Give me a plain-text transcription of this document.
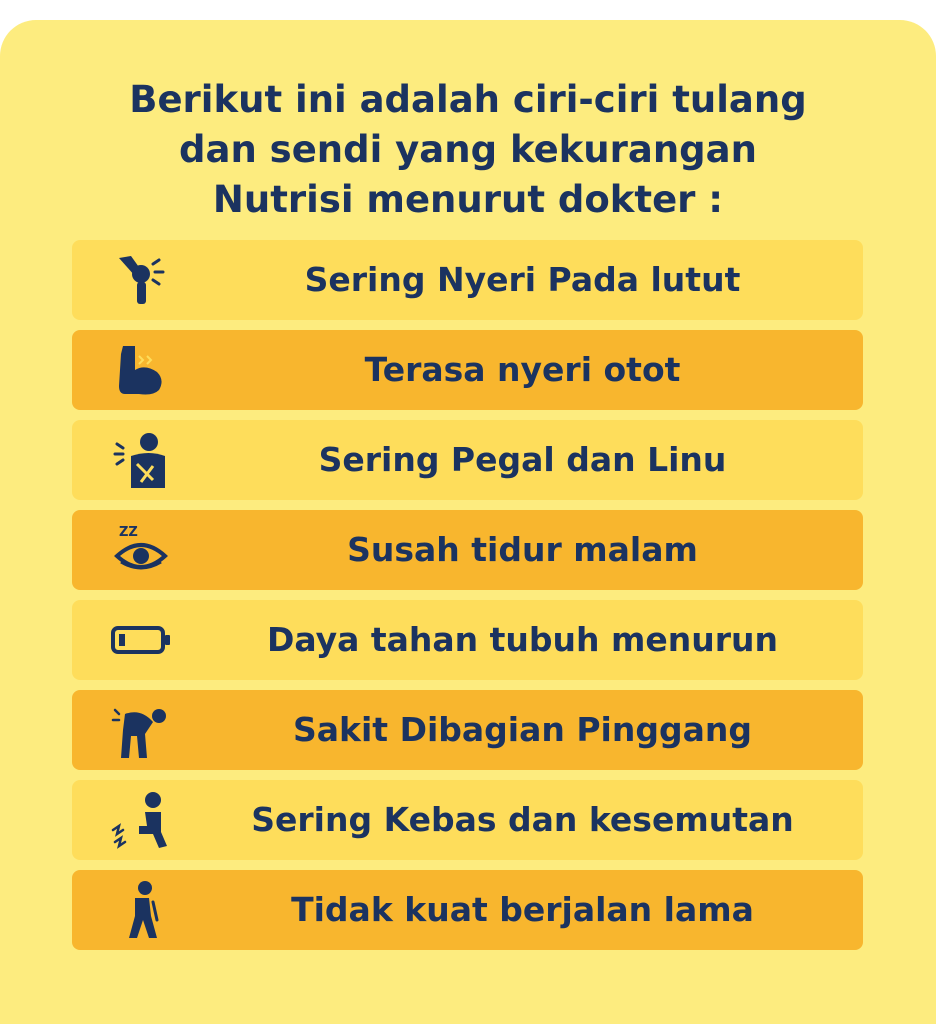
Berikut ini adalah ciri-ciri tulang
dan sendi yang kekurangan
Nutrisi menurut dokter :
Sering Nyeri Pada lutut
Terasa nyeri otot
Sering Pegal dan Linu
ZZ	Susah tidur malam
Daya tahan tubuh menurun
Sakit Dibagian Pinggang
Sering Kebas dan kesemutan
Tidak kuat berjalan lama
